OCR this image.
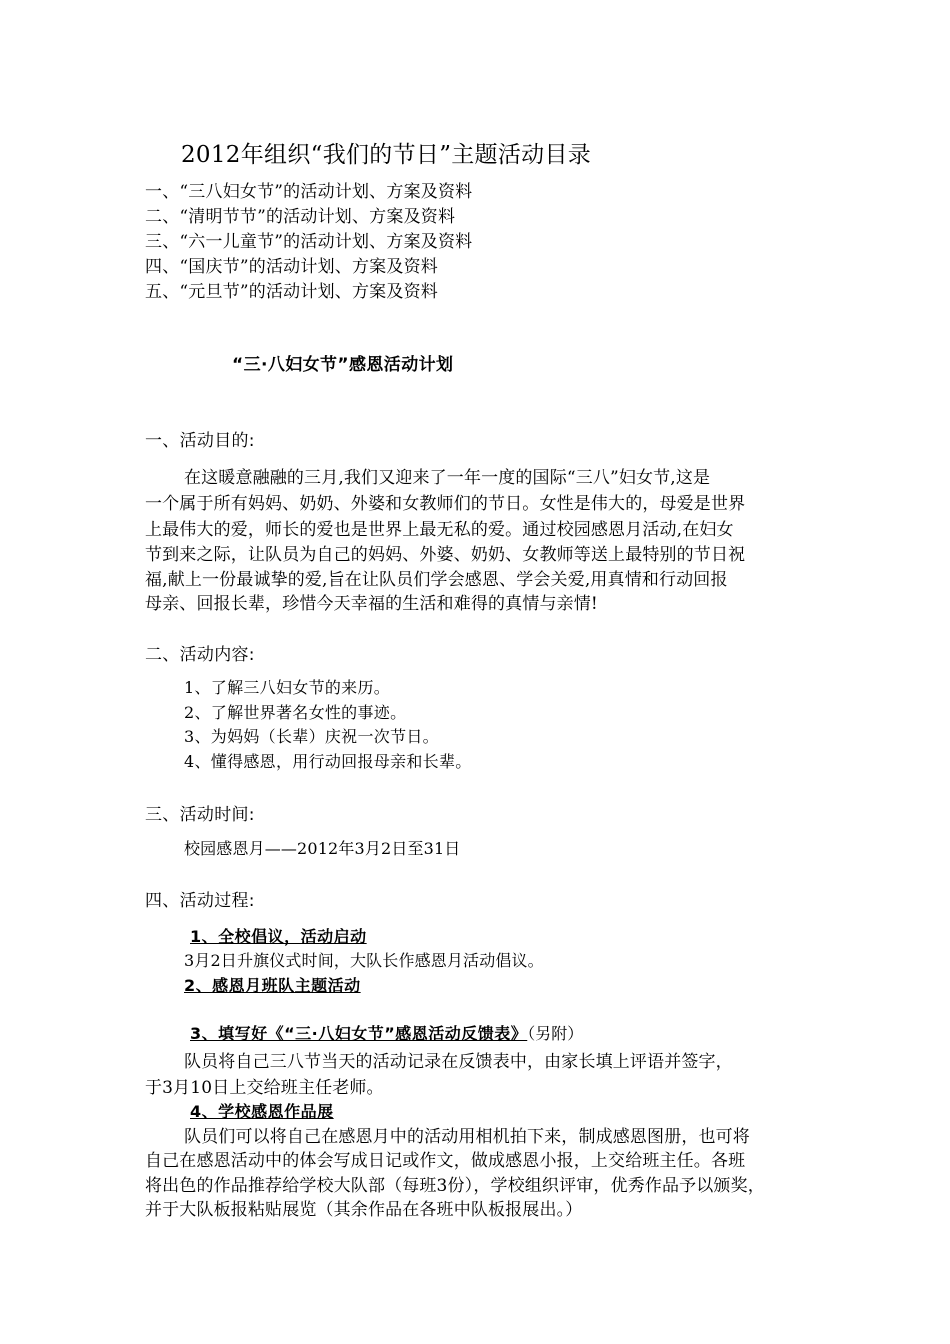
2012年组织“我们的节日”主题活动目录
一、“三八妇女节”的活动计划、方案及资料
二、“清明节节”的活动计划、方案及资料
三、“六一儿童节”的活动计划、方案及资料
四、“国庆节”的活动计划、方案及资料
五、“元旦节”的活动计划、方案及资料
“三·八妇女节”感恩活动计划
一、活动目的:
在这暖意融融的三月,我们又迎来了一年一度的国际“三八”妇女节,这是
一个属于所有妈妈、奶奶、外婆和女教师们的节日。女性是伟大的，母爱是世界
上最伟大的爱，师长的爱也是世界上最无私的爱。通过校园感恩月活动,在妇女
节到来之际，让队员为自己的妈妈、外婆、奶奶、女教师等送上最特别的节日祝
福,献上一份最诚挚的爱,旨在让队员们学会感恩、学会关爱,用真情和行动回报
母亲、回报长辈，珍惜今天幸福的生活和难得的真情与亲情!
二、活动内容:
1、了解三八妇女节的来历。
2、了解世界著名女性的事迹。
3、为妈妈（长辈）庆祝一次节日。
4、懂得感恩，用行动回报母亲和长辈。
三、活动时间:
校园感恩月——2012年3月2日至31日
四、活动过程:
1、全校倡议，活动启动
3月2日升旗仪式时间，大队长作感恩月活动倡议。
2、感恩月班队主题活动
3、填写好《“三·八妇女节”感恩活动反馈表》（另附）
队员将自己三八节当天的活动记录在反馈表中，由家长填上评语并签字，
于3月10日上交给班主任老师。
4、学校感恩作品展
队员们可以将自己在感恩月中的活动用相机拍下来，制成感恩图册，也可将
自己在感恩活动中的体会写成日记或作文，做成感恩小报，上交给班主任。各班
将出色的作品推荐给学校大队部（每班3份），学校组织评审，优秀作品予以颁奖，
并于大队板报粘贴展览（其余作品在各班中队板报展出。）
